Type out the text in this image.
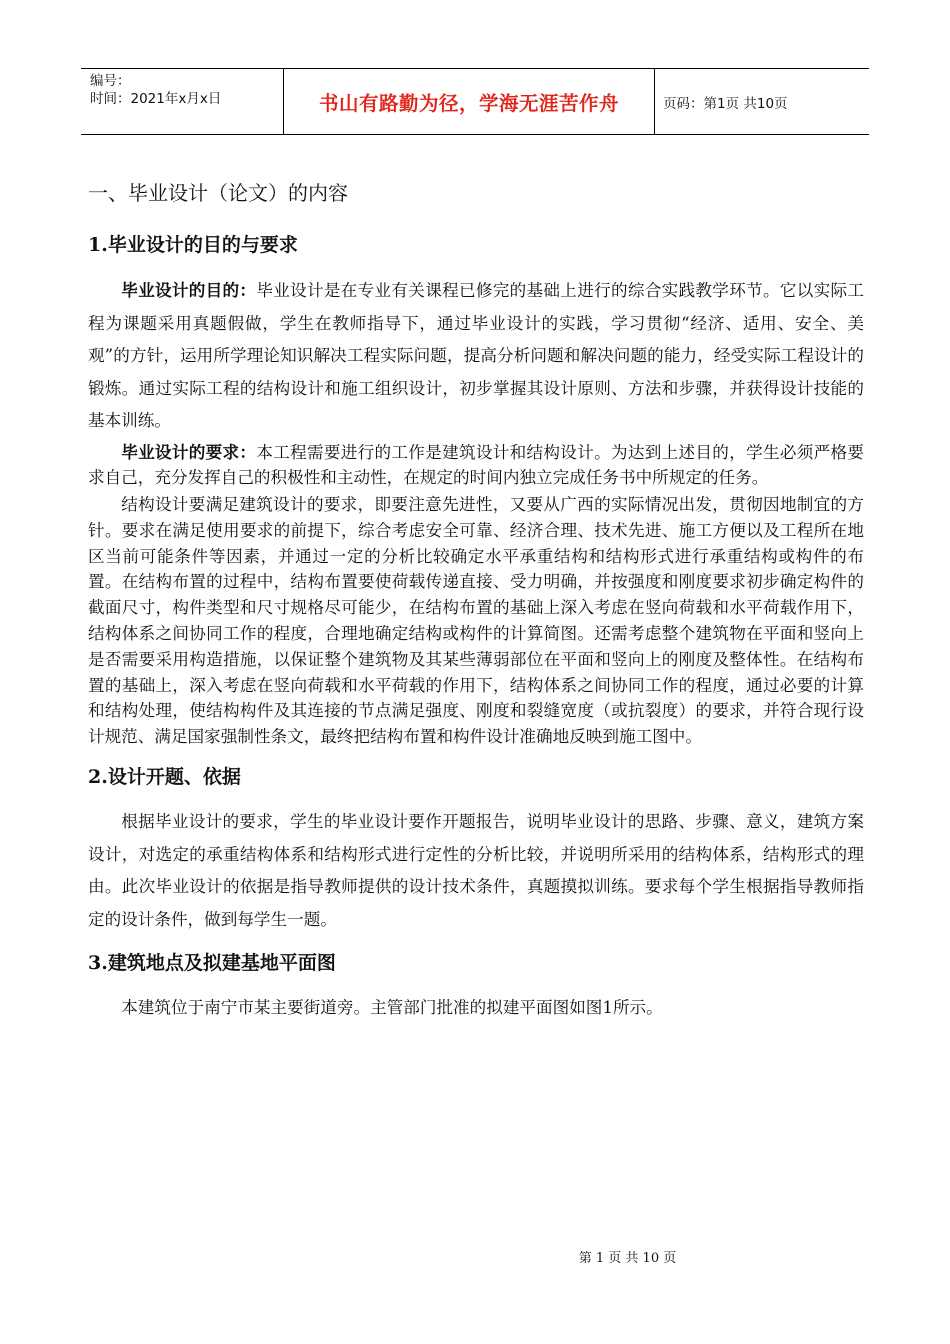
编号：
时间：2021年x月x日	书山有路勤为径，学海无涯苦作舟	页码：第1页 共10页
一、毕业设计（论文）的内容
1.毕业设计的目的与要求

毕业设计的目的：毕业设计是在专业有关课程已修完的基础上进行的综合实践教学环节。它以实际工程为课题采用真题假做，学生在教师指导下，通过毕业设计的实践，学习贯彻“经济、适用、安全、美观”的方针，运用所学理论知识解决工程实际问题，提高分析问题和解决问题的能力，经受实际工程设计的锻炼。通过实际工程的结构设计和施工组织设计，初步掌握其设计原则、方法和步骤，并获得设计技能的基本训练。

毕业设计的要求：本工程需要进行的工作是建筑设计和结构设计。为达到上述目的，学生必须严格要求自己，充分发挥自己的积极性和主动性，在规定的时间内独立完成任务书中所规定的任务。

结构设计要满足建筑设计的要求，即要注意先进性，又要从广西的实际情况出发，贯彻因地制宜的方针。要求在满足使用要求的前提下，综合考虑安全可靠、经济合理、技术先进、施工方便以及工程所在地区当前可能条件等因素，并通过一定的分析比较确定水平承重结构和结构形式进行承重结构或构件的布置。在结构布置的过程中，结构布置要使荷载传递直接、受力明确，并按强度和刚度要求初步确定构件的截面尺寸，构件类型和尺寸规格尽可能少，在结构布置的基础上深入考虑在竖向荷载和水平荷载作用下，结构体系之间协同工作的程度，合理地确定结构或构件的计算简图。还需考虑整个建筑物在平面和竖向上是否需要采用构造措施，以保证整个建筑物及其某些薄弱部位在平面和竖向上的刚度及整体性。在结构布置的基础上，深入考虑在竖向荷载和水平荷载的作用下，结构体系之间协同工作的程度，通过必要的计算和结构处理，使结构构件及其连接的节点满足强度、刚度和裂缝宽度（或抗裂度）的要求，并符合现行设计规范、满足国家强制性条文，最终把结构布置和构件设计准确地反映到施工图中。

2.设计开题、依据

根据毕业设计的要求，学生的毕业设计要作开题报告，说明毕业设计的思路、步骤、意义，建筑方案设计，对选定的承重结构体系和结构形式进行定性的分析比较，并说明所采用的结构体系，结构形式的理由。此次毕业设计的依据是指导教师提供的设计技术条件，真题摸拟训练。要求每个学生根据指导教师指定的设计条件，做到每学生一题。

3.建筑地点及拟建基地平面图

本建筑位于南宁市某主要街道旁。主管部门批准的拟建平面图如图1所示。

第 1 页 共 10 页
